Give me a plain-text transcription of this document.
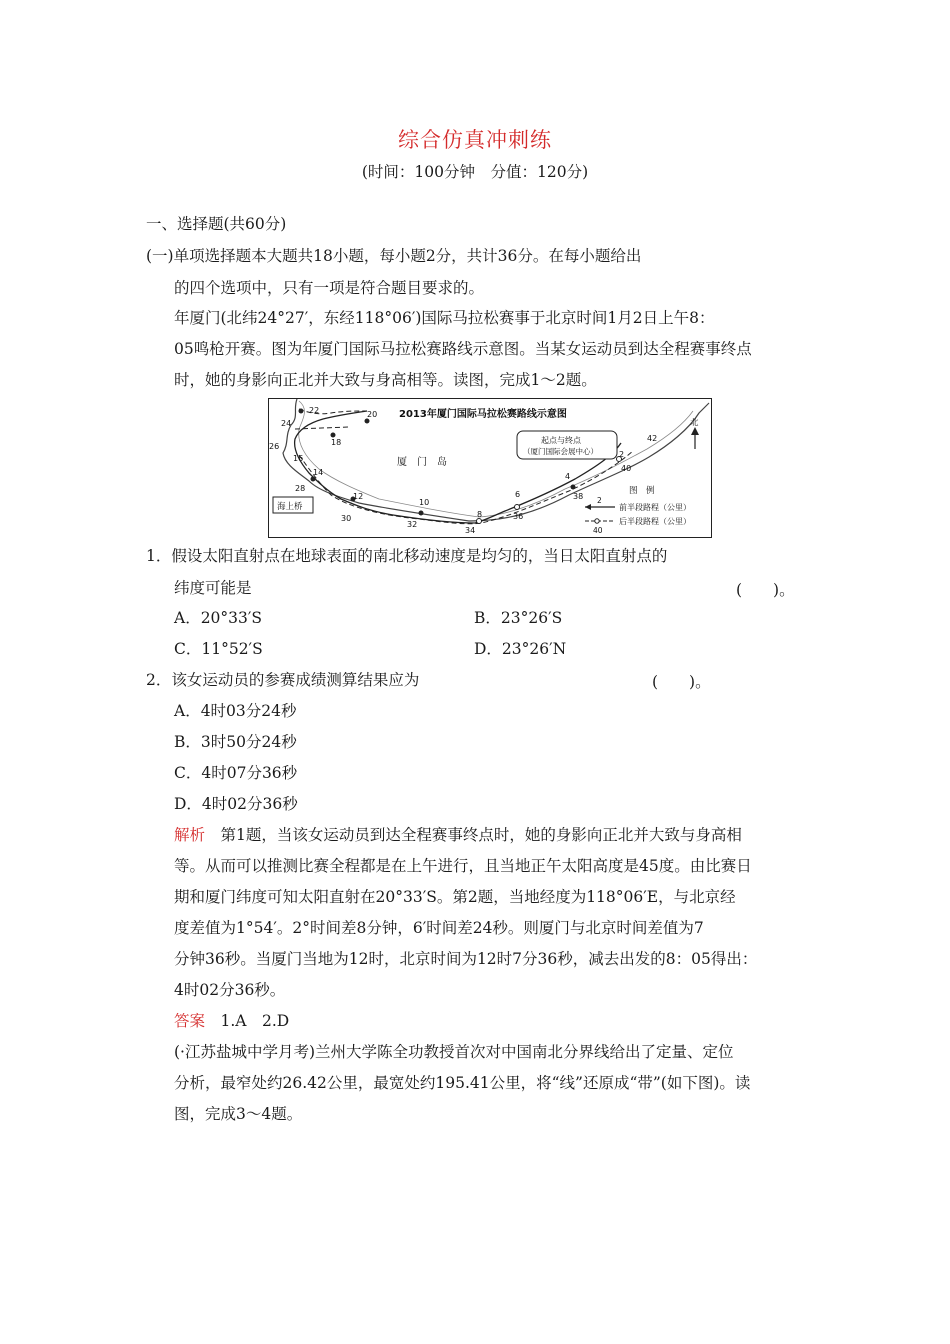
综合仿真冲刺练
(时间：100分钟　分值：120分)
一、选择题(共60分)
(一)单项选择题本大题共18小题，每小题2分，共计36分。在每小题给出
的四个选项中，只有一项是符合题目要求的。
年厦门(北纬24°27′，东经118°06′)国际马拉松赛事于北京时间1月2日上午8：
05鸣枪开赛。图为年厦门国际马拉松赛路线示意图。当某女运动员到达全程赛事终点
时，她的身影向正北并大致与身高相等。读图，完成1～2题。
22	20
24
26
16
18
14
28
12
30
32
10
34
8	36
6
4
38
2
40
42
2013年厦门国际马拉松赛路线示意图
厦　门　岛
起点与终点
（厦门国际会展中心）
海上桥
北
图　例
2
前半段路程（公里）
40
后半段路程（公里）
1．假设太阳直射点在地球表面的南北移动速度是均匀的，当日太阳直射点的
纬度可能是	(　　)。
A．20°33′S	B．23°26′S
C．11°52′S	D．23°26′N
2．该女运动员的参赛成绩测算结果应为	(　　)。
A．4时03分24秒
B．3时50分24秒
C．4时07分36秒
D．4时02分36秒
解析　第1题，当该女运动员到达全程赛事终点时，她的身影向正北并大致与身高相
等。从而可以推测比赛全程都是在上午进行，且当地正午太阳高度是45度。由比赛日
期和厦门纬度可知太阳直射在20°33′S。第2题，当地经度为118°06′E，与北京经
度差值为1°54′。2°时间差8分钟，6′时间差24秒。则厦门与北京时间差值为7
分钟36秒。当厦门当地为12时，北京时间为12时7分36秒，减去出发的8：05得出：
4时02分36秒。
答案　1.A　2.D
(·江苏盐城中学月考)兰州大学陈全功教授首次对中国南北分界线给出了定量、定位
分析，最窄处约26.42公里，最宽处约195.41公里，将“线”还原成“带”(如下图)。读
图，完成3～4题。
